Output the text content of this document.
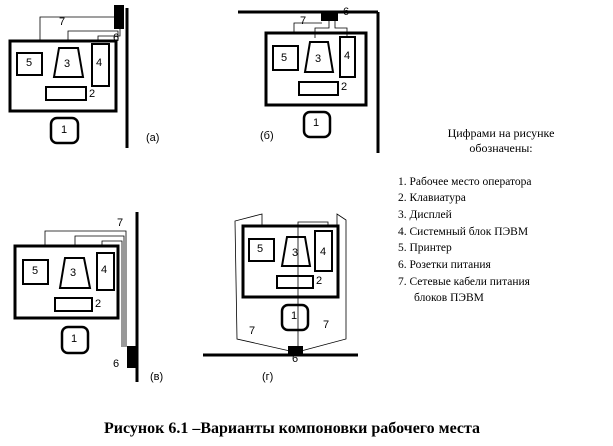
5	3 4
2
1
6
7
(а)
5	3 4
2
1
6
7
(б)
5	3 4
2
1
6
7
(в)
5	3 4
2
1
6
7	7
(г)
Цифрами на рисунке
обозначены:
1. Рабочее место оператора
2. Клавиатура
3. Дисплей
4. Системный блок ПЭВМ
5. Принтер
6. Розетки питания
7. Сетевые кабели питания
блоков ПЭВМ
Рисунок 6.1 –Варианты компоновки рабочего места
